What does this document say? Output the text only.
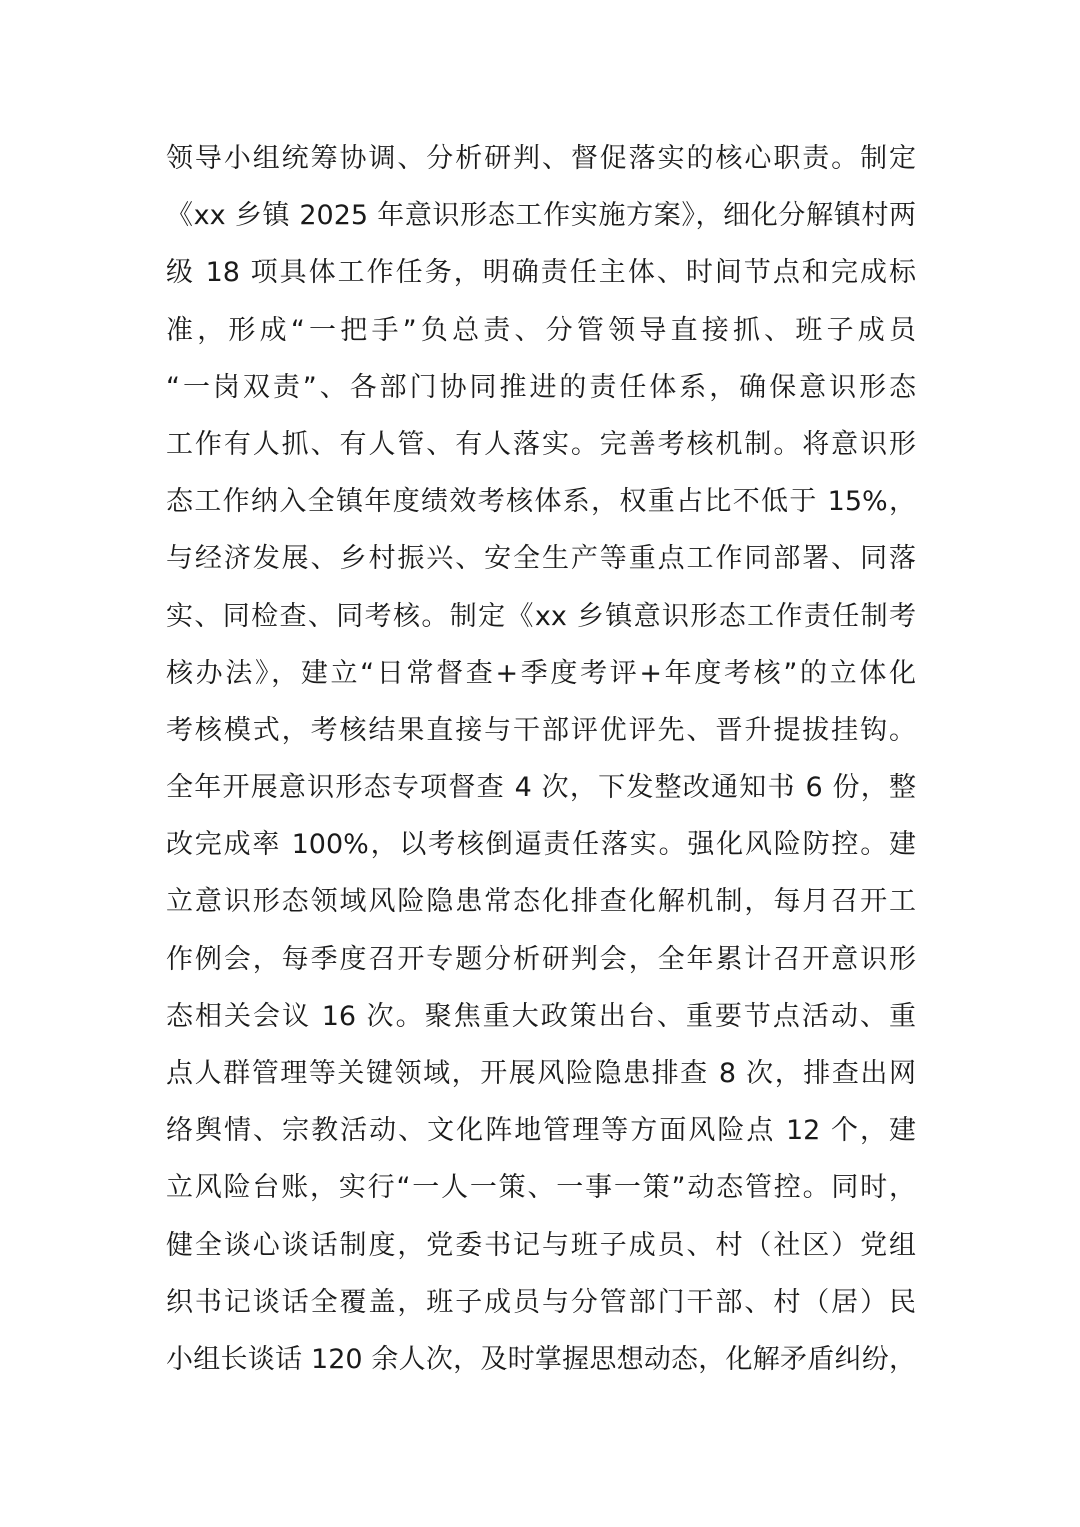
领导小组统筹协调、分析研判、督促落实的核心职责。制定
《xx 乡镇 2025 年意识形态工作实施方案》，细化分解镇村两
级 18 项具体工作任务，明确责任主体、时间节点和完成标
准，形成“一把手”负总责、分管领导直接抓、班子成员
“一岗双责”、各部门协同推进的责任体系，确保意识形态
工作有人抓、有人管、有人落实。完善考核机制。将意识形
态工作纳入全镇年度绩效考核体系，权重占比不低于 15%，
与经济发展、乡村振兴、安全生产等重点工作同部署、同落
实、同检查、同考核。制定《xx 乡镇意识形态工作责任制考
核办法》，建立“日常督查+季度考评+年度考核”的立体化
考核模式，考核结果直接与干部评优评先、晋升提拔挂钩。
全年开展意识形态专项督查 4 次，下发整改通知书 6 份，整
改完成率 100%，以考核倒逼责任落实。强化风险防控。建
立意识形态领域风险隐患常态化排查化解机制，每月召开工
作例会，每季度召开专题分析研判会，全年累计召开意识形
态相关会议 16 次。聚焦重大政策出台、重要节点活动、重
点人群管理等关键领域，开展风险隐患排查 8 次，排查出网
络舆情、宗教活动、文化阵地管理等方面风险点 12 个，建
立风险台账，实行“一人一策、一事一策”动态管控。同时，
健全谈心谈话制度，党委书记与班子成员、村（社区）党组
织书记谈话全覆盖，班子成员与分管部门干部、村（居）民
小组长谈话 120 余人次，及时掌握思想动态，化解矛盾纠纷，
